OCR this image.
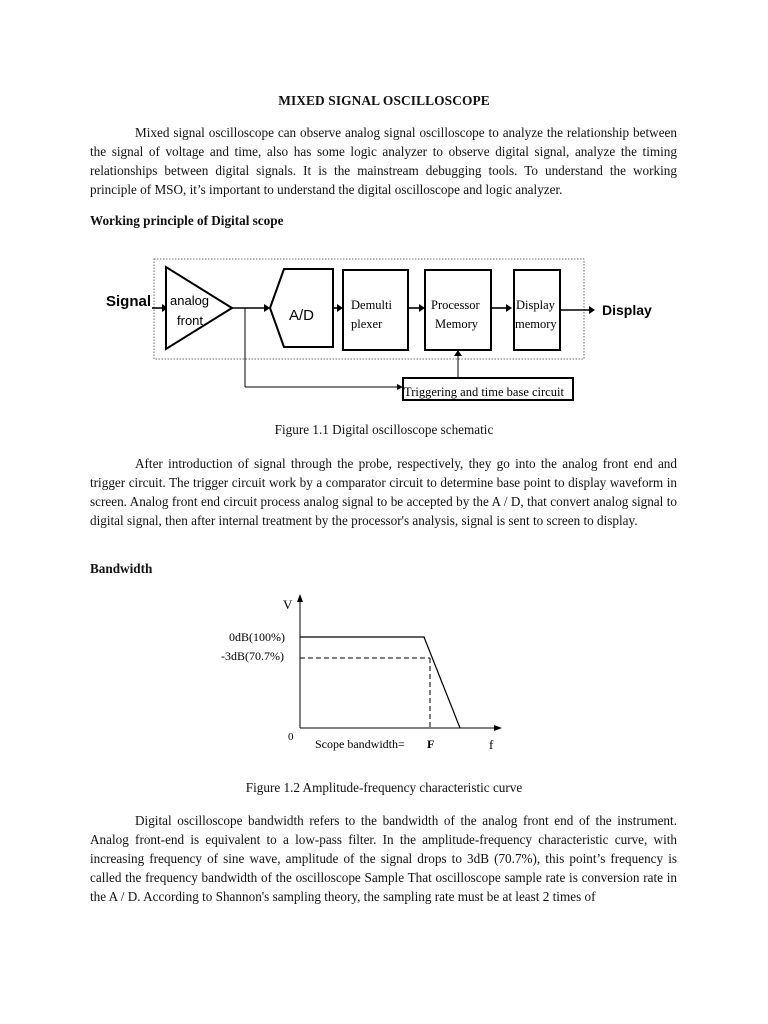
MIXED SIGNAL OSCILLOSCOPE

Mixed signal oscilloscope can observe analog signal oscilloscope to analyze the relationship between the signal of voltage and time, also has some logic analyzer to observe digital signal, analyze the timing relationships between digital signals. It is the mainstream debugging tools. To understand the working principle of MSO, it’s important to understand the digital oscilloscope and logic analyzer.

Working principle of Digital scope
Signal analog
front	A/D
Demulti
plexer
Processor
Memory
Display
memory
Display
Triggering and time base circuit
Figure 1.1 Digital oscilloscope schematic

After introduction of signal through the probe, respectively, they go into the analog front end and trigger circuit. The trigger circuit work by a comparator circuit to determine base point to display waveform in screen. Analog front end circuit process analog signal to be accepted by the A / D, that convert analog signal to digital signal, then after internal treatment by the processor's analysis, signal is sent to screen to display.

Bandwidth
V
0dB(100%)
-3dB(70.7%)
0 Scope bandwidth= F	f
Figure 1.2 Amplitude-frequency characteristic curve

Digital oscilloscope bandwidth refers to the bandwidth of the analog front end of the instrument. Analog front-end is equivalent to a low-pass filter. In the amplitude-frequency characteristic curve, with increasing frequency of sine wave, amplitude of the signal drops to 3dB (70.7%), this point’s frequency is called the frequency bandwidth of the oscilloscope Sample That oscilloscope sample rate is conversion rate in the A / D. According to Shannon's sampling theory, the sampling rate must be at least 2 times of
